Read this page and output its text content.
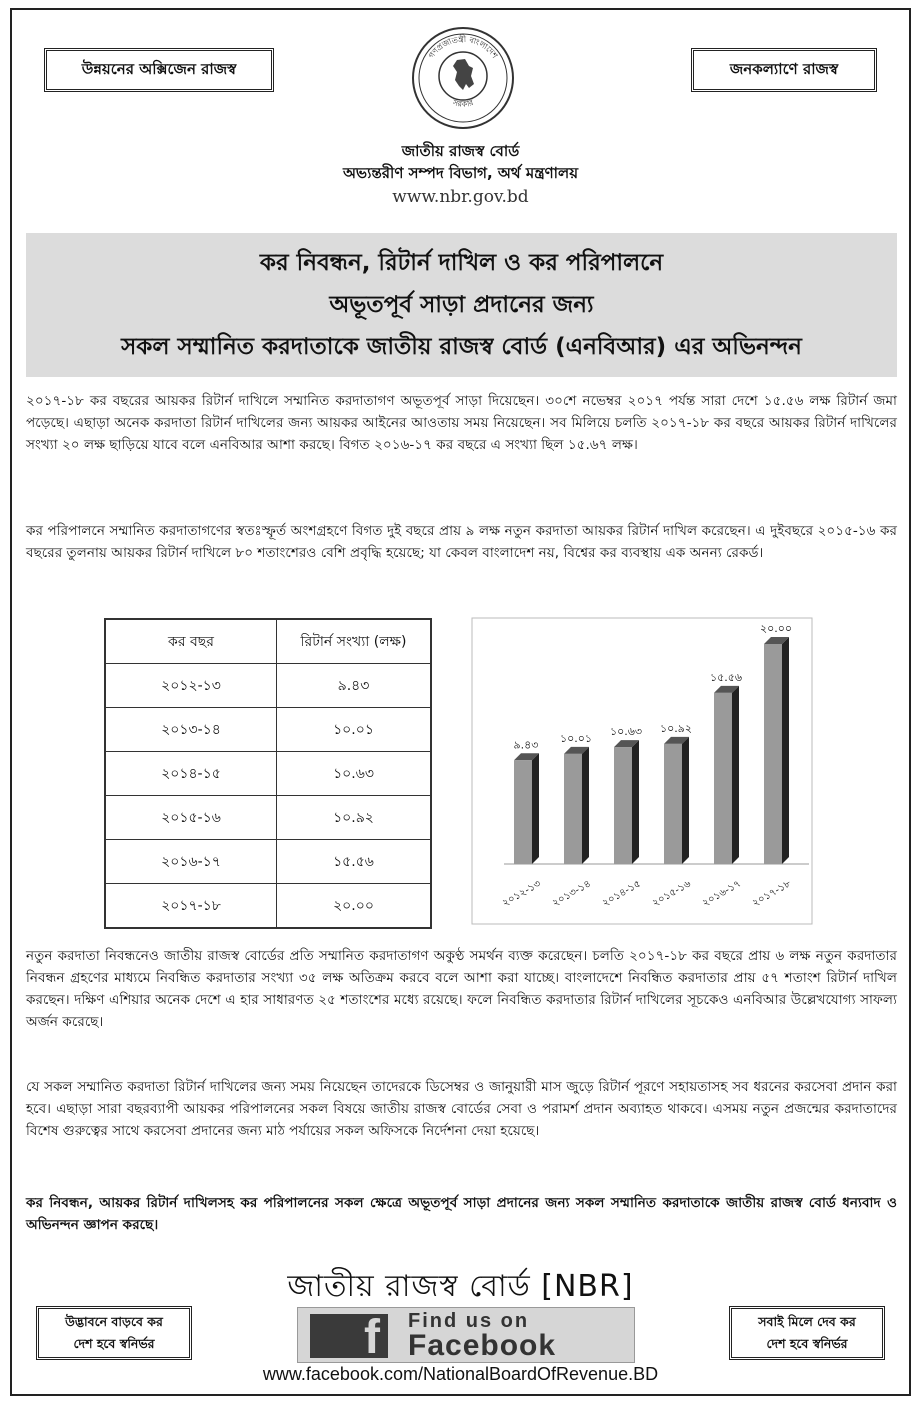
উন্নয়নের অক্সিজেন রাজস্ব
গণপ্রজাতন্ত্রী বাংলাদেশ
সরকার
জনকল্যাণে রাজস্ব
জাতীয় রাজস্ব বোর্ড
অভ্যন্তরীণ সম্পদ বিভাগ, অর্থ মন্ত্রণালয়
www.nbr.gov.bd
কর নিবন্ধন, রিটার্ন দাখিল ও কর পরিপালনে
অভূতপূর্ব সাড়া প্রদানের জন্য
সকল সম্মানিত করদাতাকে জাতীয় রাজস্ব বোর্ড (এনবিআর) এর অভিনন্দন

২০১৭-১৮ কর বছরের আয়কর রিটার্ন দাখিলে সম্মানিত করদাতাগণ অভূতপূর্ব সাড়া দিয়েছেন। ৩০শে নভেম্বর ২০১৭ পর্যন্ত সারা দেশে ১৫.৫৬ লক্ষ রিটার্ন জমা পড়েছে। এছাড়া অনেক করদাতা রিটার্ন দাখিলের জন্য আয়কর আইনের আওতায় সময় নিয়েছেন। সব মিলিয়ে চলতি ২০১৭-১৮ কর বছরে আয়কর রিটার্ন দাখিলের সংখ্যা ২০ লক্ষ ছাড়িয়ে যাবে বলে এনবিআর আশা করছে। বিগত ২০১৬-১৭ কর বছরে এ সংখ্যা ছিল ১৫.৬৭ লক্ষ।

কর পরিপালনে সম্মানিত করদাতাগণের স্বতঃস্ফূর্ত অংশগ্রহণে বিগত দুই বছরে প্রায় ৯ লক্ষ নতুন করদাতা আয়কর রিটার্ন দাখিল করেছেন। এ দুইবছরে ২০১৫-১৬ কর বছরের তুলনায় আয়কর রিটার্ন দাখিলে ৮০ শতাংশেরও বেশি প্রবৃদ্ধি হয়েছে; যা কেবল বাংলাদেশ নয়, বিশ্বের কর ব্যবস্থায় এক অনন্য রেকর্ড।

কর বছর	রিটার্ন সংখ্যা (লক্ষ)
২০১২-১৩	৯.৪৩
২০১৩-১৪	১০.০১
২০১৪-১৫	১০.৬৩
২০১৫-১৬	১০.৯২
২০১৬-১৭	১৫.৫৬
২০১৭-১৮	২০.০০
৯.৪৩
২০১২-১৩
১০.০১
২০১৩-১৪
১০.৬৩
২০১৪-১৫
১০.৯২
২০১৫-১৬
১৫.৫৬
২০১৬-১৭
২০.০০
২০১৭-১৮

নতুন করদাতা নিবন্ধনেও জাতীয় রাজস্ব বোর্ডের প্রতি সম্মানিত করদাতাগণ অকুণ্ঠ সমর্থন ব্যক্ত করেছেন। চলতি ২০১৭-১৮ কর বছরে প্রায় ৬ লক্ষ নতুন করদাতার নিবন্ধন গ্রহণের মাধ্যমে নিবন্ধিত করদাতার সংখ্যা ৩৫ লক্ষ অতিক্রম করবে বলে আশা করা যাচ্ছে। বাংলাদেশে নিবন্ধিত করদাতার প্রায় ৫৭ শতাংশ রিটার্ন দাখিল করছেন। দক্ষিণ এশিয়ার অনেক দেশে এ হার সাধারণত ২৫ শতাংশের মধ্যে রয়েছে। ফলে নিবন্ধিত করদাতার রিটার্ন দাখিলের সূচকেও এনবিআর উল্লেখযোগ্য সাফল্য অর্জন করেছে।

যে সকল সম্মানিত করদাতা রিটার্ন দাখিলের জন্য সময় নিয়েছেন তাদেরকে ডিসেম্বর ও জানুয়ারী মাস জুড়ে রিটার্ন পূরণে সহায়তাসহ সব ধরনের করসেবা প্রদান করা হবে। এছাড়া সারা বছরব্যাপী আয়কর পরিপালনের সকল বিষয়ে জাতীয় রাজস্ব বোর্ডের সেবা ও পরামর্শ প্রদান অব্যাহত থাকবে। এসময় নতুন প্রজন্মের করদাতাদের বিশেষ গুরুত্বের সাথে করসেবা প্রদানের জন্য মাঠ পর্যায়ের সকল অফিসকে নির্দেশনা দেয়া হয়েছে।

কর নিবন্ধন, আয়কর রিটার্ন দাখিলসহ কর পরিপালনের সকল ক্ষেত্রে অভূতপূর্ব সাড়া প্রদানের জন্য সকল সম্মানিত করদাতাকে জাতীয় রাজস্ব বোর্ড ধন্যবাদ ও অভিনন্দন জ্ঞাপন করছে।

জাতীয় রাজস্ব বোর্ড [NBR]
উদ্ভাবনে বাড়বে কর
দেশ হবে স্বনির্ভর	f Find us on
Facebook
সবাই মিলে দেব কর
দেশ হবে স্বনির্ভর
www.facebook.com/NationalBoardOfRevenue.BD
